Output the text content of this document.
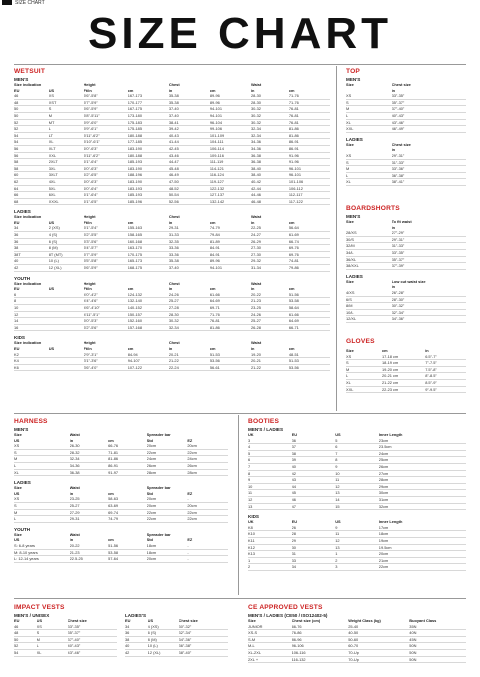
SIZE CHART
SIZE CHART
WETSUIT
MEN'S
Size indication		Height		Chest		Waist	
EU	US	Ft/in	cm	in	cm	in	cm
46	XS	5'6"-5'8"	167-173	35-38	89-96	28-30	71-76
48	XST	5'7"-5'9"	170-177	35-38	89-96	28-30	71-76
50	S	5'6"-5'9"	167-175	37-40	94-101	30-32	76-81
50	M	5'8"-5'11"	173-180	37-40	94-101	30-32	76-81
52	MT	5'9"-6'0"	175-183	38-41	96-104	30-32	76-81
52	L	5'9"-6'1"	175-185	39-42	99-106	32-34	81-86
54	LT	5'11"-6'2"	180-188	40-43	101-109	32-34	81-86
54	XL	5'10"-6'1"	177-185	41-44	104-111	34-36	86-91
56	XLT	6'0"-6'3"	183-190	42-45	106-114	34-36	86-91
56	XXL	5'11"-6'2"	180-188	43-46	109-116	36-38	91-96
58	2XLT	6'1"-6'4"	185-193	44-47	111-119	36-38	91-96
58	3XL	6'0"-6'3"	183-190	45-48	114-121	38-40	96-101
60	3XLT	6'2"-6'5"	188-196	46-49	116-124	38-40	96-101
62	4XL	6'0"-6'3"	183-190	47-50	119-127	40-42	101-106
64	5XL	6'0"-6'4"	183-193	48-52	122-132	42-44	106-112
66	6XL	6'1"-6'4"	185-193	50-54	127-137	44-46	112-117
68	XXXL	6'1"-6'5"	185-196	52-56	132-142	46-48	117-122
LADIES
Size indication		Height		Chest		Waist	
EU	US	Ft/in	cm	in	cm	in	cm
34	2 (XS)	5'1"-5'4"	155-163	29-31	74-79	22-25	56-64
36	4 (S)	5'2"-5'5"	158-165	31-33	79-84	24-27	61-69
36	6 (S)	5'3"-5'6"	160-168	32-35	81-89	26-29	66-74
38	8 (M)	5'4"-5'7"	163-170	33-36	84-91	27-30	69-76
38T	8T (MT)	5'7"-5'9"	170-175	33-36	84-91	27-30	69-76
40	10 (L)	5'5"-5'8"	165-173	35-38	89-96	29-32	74-81
42	12 (XL)	5'6"-5'9"	168-175	37-40	94-101	31-34	79-86
YOUTH
Size indication		Height		Chest		Waist	
EU	US	Ft/in	cm	in	cm	in	cm
6		4'0"-4'2"	124-132	24-26	61-66	20-22	51-56
8		4'4"-4'6"	132-140	25-27	64-69	21-23	53-58
10		4'6"-4'10"	140-152	27-28	69-71	23-25	58-64
12		4'11"-5'1"	150-157	28-30	71-76	24-26	61-66
14		5'0"-5'3"	152-160	30-32	76-81	25-27	64-69
16		5'2"-5'6"	157-168	32-34	81-86	26-28	66-71
KIDS
Size indication		Height		Chest		Waist	
EU	US	Ft/in	cm	in	cm	in	cm
K2		2'9"-3'1"	84-94	20-21	51-53	19-20	48-51
K4		3'1"-3'6"	94-107	21-22	53-56	20-21	51-53
K6		3'6"-4'0"	107-122	22-24	56-61	21-22	53-56
TOP
MEN'S
Size	Chest size
	in
XS	33"-35"
S	35"-37"
M	37"-40"
L	40"-43"
XL	43"-46"
XXL	46"-49"
LADIES
Size	Chest size
	in
XS	29"-31"
S	31"-33"
M	33"-36"
L	36"-38"
XL	38"-41"
BOARDSHORTS
MEN'S
Size	To fit waist
	in
28/XS	27"-29"
30/S	29"-31"
32/M	31"-33"
34/L	33"-35"
36/XL	35"-37"
38/XXL	37"-39"
LADIES
Size	Low cut waist size
	in
4/XS	26"-28"
6/S	28"-30"
8/M	30"-32"
10/L	32"-34"
12/XL	34"-36"
GLOVES
Size	cm	in
XS	17-18 cm	6.5"-7"
S	18-19 cm	7"-7.5"
M	19-20 cm	7.5"-8"
L	20-21 cm	8"-8.5"
XL	21-22 cm	8.5"-9"
XXL	22-23 cm	9"-9.5"
HARNESS
MEN'S
Size	Waist		Spreader bar	
US	in	cm	Std	EZ
XS	26-30	66-76	20cm	20cm
S	28-32	71-81	22cm	22cm
M	32-34	81-86	24cm	24cm
L	34-36	86-91	26cm	26cm
XL	36-38	91-97	28cm	28cm
LADIES
Size	Waist		Spreader bar	
US	in	cm	Std	EZ
XS	23-25	58-63	20cm	-
S	25-27	63-69	20cm	20cm
M	27-29	69-74	22cm	22cm
L	29-31	74-79	22cm	22cm
YOUTH
Size	Waist		Spreader bar	
US	in	cm	Std	EZ
S: 6-8 years	20-22	51-56	18cm	-
M: 8-10 years	21-23	53-58	18cm	-
L: 12-14 years	22.5-25	57-64	20cm	-
BOOTIES
MEN'S / LADIES
UK	EU	US	Inner Length
3	36	5	23cm
4	37	6	23.5cm
5	38	7	24cm
6	39	8	25cm
7	40	9	26cm
8	42	10	27cm
9	43	11	28cm
10	44	12	29cm
11	45	13	30cm
12	46	14	31cm
13	47	15	32cm
KIDS
UK	EU	US	Inner Length
K8	26	9	17cm
K10	28	11	18cm
K11	29	12	19cm
K12	30	13	19.5cm
K13	31	1	20cm
1	33	2	21cm
2	34	3	22cm
IMPACT VESTS
MEN'S / UNISEX
EU	US	Chest size
46	XS	33"-35"
48	S	35"-37"
50	M	37"-40"
52	L	40"-43"
54	XL	43"-46"
LADIES'S
EU	US	Chest size
34	4 (XS)	30"-32"
36	6 (S)	32"-34"
38	8 (M)	34"-36"
40	10 (L)	36"-38"
42	12 (XL)	38"-40"
CE APPROVED VESTS
MEN'S / LADIES (CE50 / ISO12402-5)
Size	Chest size (cm)	Weight Class (kg)	Buoyant Class
JUNIOR	66-76	25-40	35N
XS-S	76-86	40-50	40N
S-M	86-96	50-60	45N
M-L	96-106	60-70	50N
XL-2XL	106-116	70-Up	50N
2XL +	116-132	70-Up	50N
